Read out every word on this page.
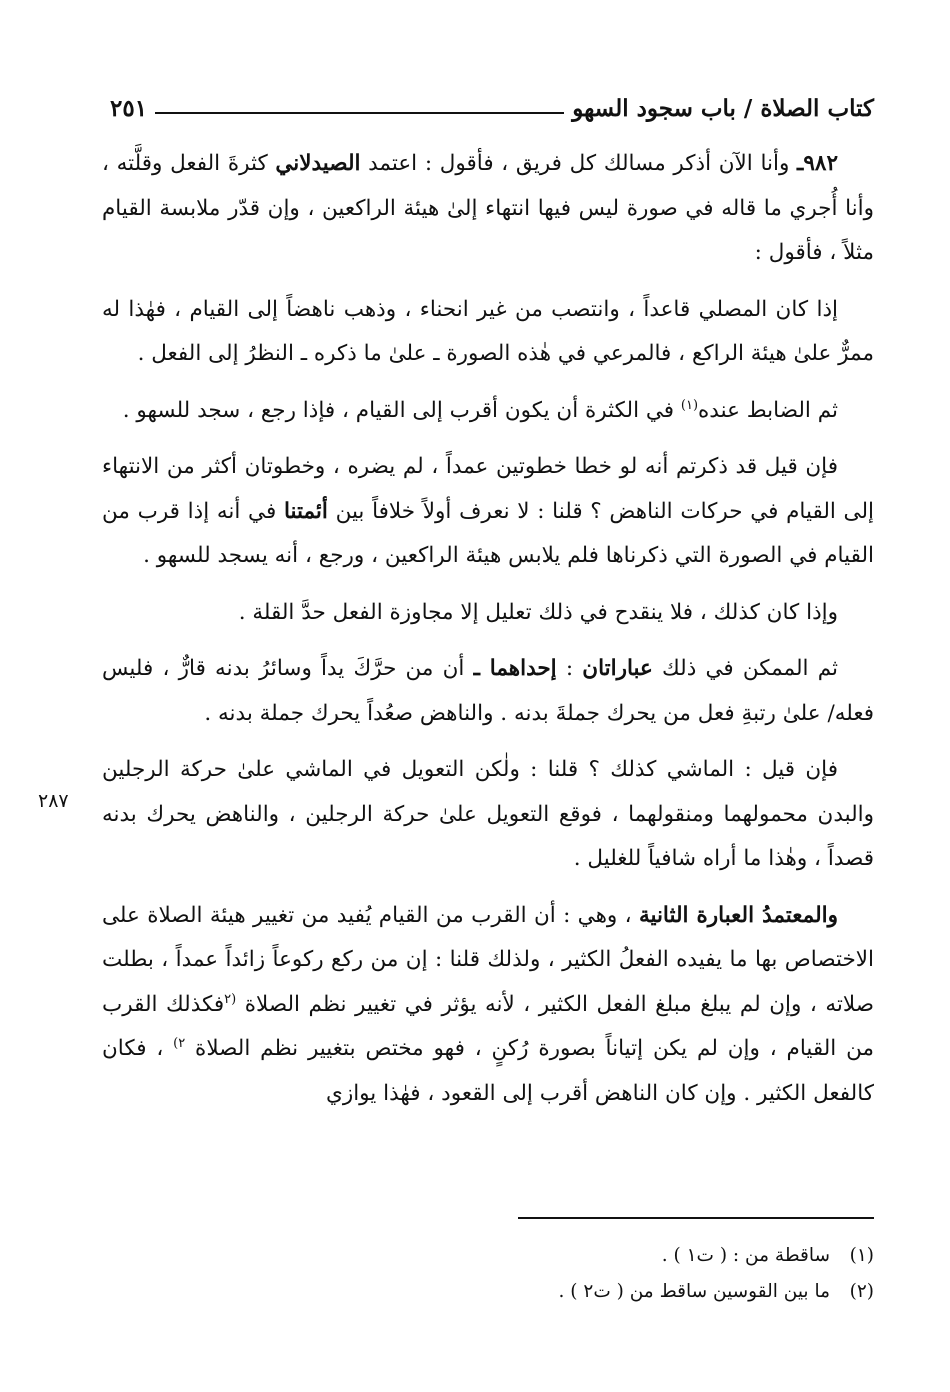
كتاب الصلاة / باب سجود السهو
٢٥١

٩٨٢ـ وأنا الآن أذكر مسالك كل فريق ، فأقول : اعتمد الصيدلاني كثرةَ الفعل وقلَّته ، وأنا أُجري ما قاله في صورة ليس فيها انتهاء إلىٰ هيئة الراكعين ، وإن قدّر ملابسة القيام مثلاً ، فأقول :

إذا كان المصلي قاعداً ، وانتصب من غير انحناء ، وذهب ناهضاً إلى القيام ، فهٰذا له ممرٌّ علىٰ هيئة الراكع ، فالمرعي في هٰذه الصورة ـ علىٰ ما ذكره ـ النظرُ إلى الفعل .

ثم الضابط عنده$^{(١)}$ في الكثرة أن يكون أقرب إلى القيام ، فإذا رجع ، سجد للسهو .

فإن قيل قد ذكرتم أنه لو خطا خطوتين عمداً ، لم يضره ، وخطوتان أكثر من الانتهاء إلى القيام في حركات الناهض ؟ قلنا : لا نعرف أولاً خلافاً بين أئمتنا في أنه إذا قرب من القيام في الصورة التي ذكرناها فلم يلابس هيئة الراكعين ، ورجع ، أنه يسجد للسهو .

وإذا كان كذلك ، فلا ينقدح في ذلك تعليل إلا مجاوزة الفعل حدَّ القلة .

ثم الممكن في ذلك عباراتان : إحداهما ـ أن من حرَّكَ يداً وسائرُ بدنه قارٌّ ، فليس فعله/ علىٰ رتبةِ فعل من يحرك جملةَ بدنه . والناهض صعُداً يحرك جملة بدنه .

فإن قيل : الماشي كذلك ؟ قلنا : ولٰكن التعويل في الماشي علىٰ حركة الرجلين والبدن محمولهما ومنقولهما ، فوقع التعويل علىٰ حركة الرجلين ، والناهض يحرك بدنه قصداً ، وهٰذا ما أراه شافياً للغليل .

والمعتمدُ العبارة الثانية ، وهي : أن القرب من القيام يُفيد من تغيير هيئة الصلاة على الاختصاص بها ما يفيده الفعلُ الكثير ، ولذلك قلنا : إن من ركع ركوعاً زائداً عمداً ، بطلت صلاته ، وإن لم يبلغ مبلغ الفعل الكثير ، لأنه يؤثر في تغيير نظم الصلاة $^{(٢}$فكذلك القرب من القيام ، وإن لم يكن إتياناً بصورة رُكنٍ ، فهو مختص بتغيير نظم الصلاة $^{٢)}$ ، فكان كالفعل الكثير . وإن كان الناهض أقرب إلى القعود ، فهٰذا يوازي

٢٨٧

(١)ساقطة من : ( ت١ ) .

(٢)ما بين القوسين ساقط من ( ت٢ ) .
